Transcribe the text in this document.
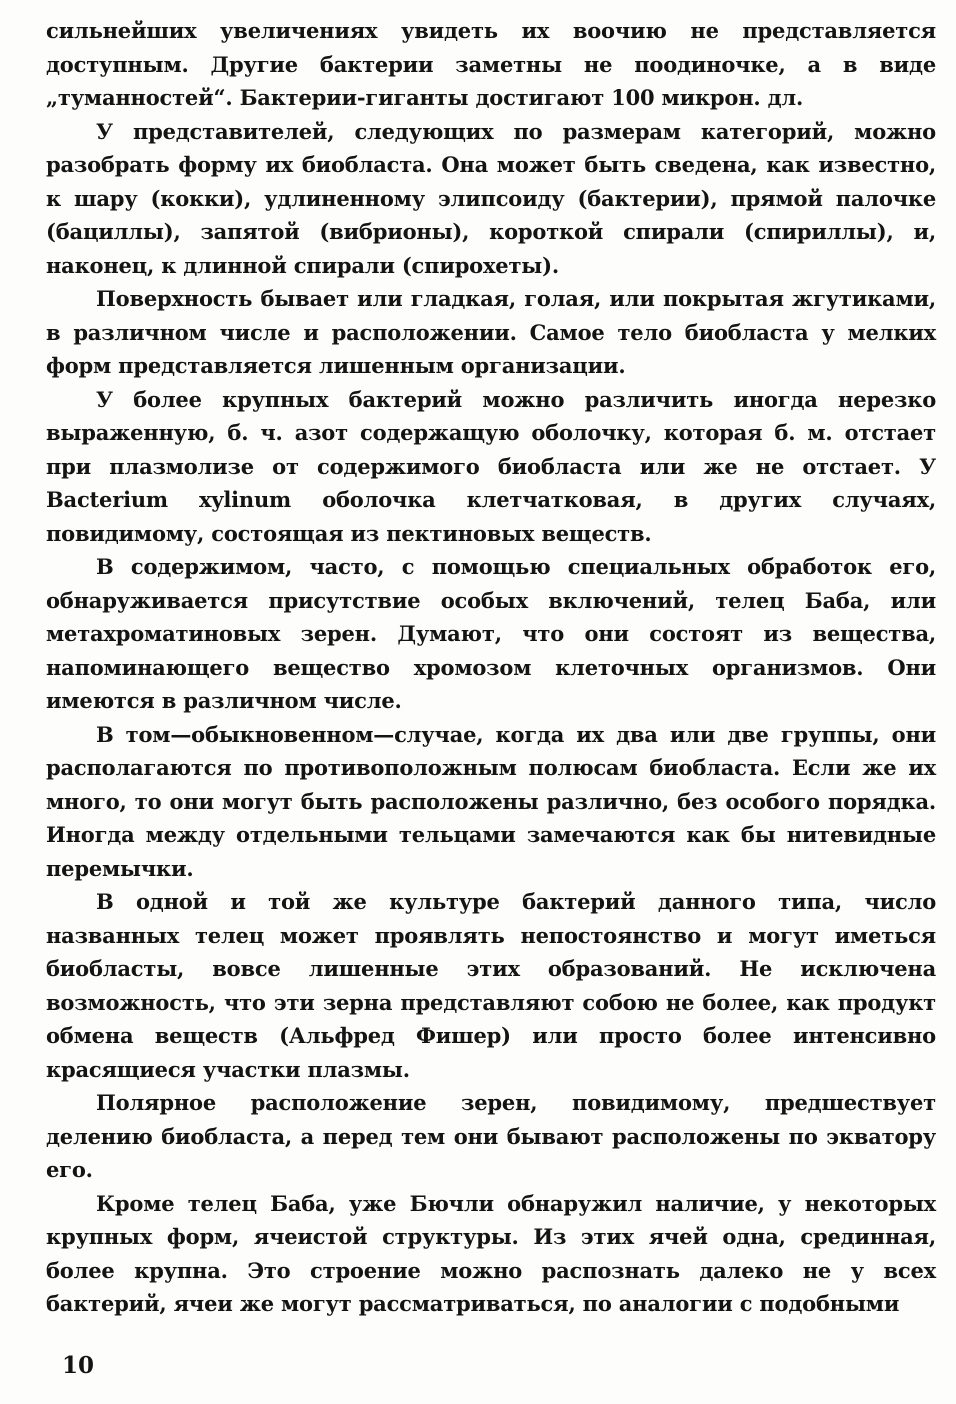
сильнейших увеличениях увидеть их воочию не представляется доступным. Другие бактерии заметны не поодиночке, а в виде „туманностей“. Бактерии-гиганты достигают 100 микрон. дл.

У представителей, следующих по размерам категорий, можно разобрать форму их биобласта. Она может быть сведена, как известно, к шару (кокки), удлиненному элипсоиду (бактерии), прямой палочке (бациллы), запятой (вибрионы), короткой спирали (спириллы), и, наконец, к длинной спирали (спирохеты).

Поверхность бывает или гладкая, голая, или покрытая жгутиками, в различном числе и расположении. Самое тело биобласта у мелких форм представляется лишенным организации.

У более крупных бактерий можно различить иногда нерезко выраженную, б. ч. азот содержащую оболочку, которая б. м. отстает при плазмолизе от содержимого биобласта или же не отстает. У Bacterium xylinum оболочка клетчатковая, в других случаях, повидимому, состоящая из пектиновых веществ.

В содержимом, часто, с помощью специальных обработок его, обнаруживается присутствие особых включений, телец Баба, или метахроматиновых зерен. Думают, что они состоят из вещества, напоминающего вещество хромозом клеточных организмов. Они имеются в различном числе.

В том—обыкновенном—случае, когда их два или две группы, они располагаются по противоположным полюсам биобласта. Если же их много, то они могут быть расположены различно, без особого порядка. Иногда между отдельными тельцами замечаются как бы нитевидные перемычки.

В одной и той же культуре бактерий данного типа, число названных телец может проявлять непостоянство и могут иметься биобласты, вовсе лишенные этих образований. Не исключена возможность, что эти зерна представляют собою не более, как продукт обмена веществ (Альфред Фишер) или просто более интенсивно красящиеся участки плазмы.

Полярное расположение зерен, повидимому, предшествует делению биобласта, а перед тем они бывают расположены по экватору его.

Кроме телец Баба, уже Бючли обнаружил наличие, у некоторых крупных форм, ячеистой структуры. Из этих ячей одна, срединная, более крупна. Это строение можно распознать далеко не у всех бактерий, ячеи же могут рассматриваться, по аналогии с подобными

10
